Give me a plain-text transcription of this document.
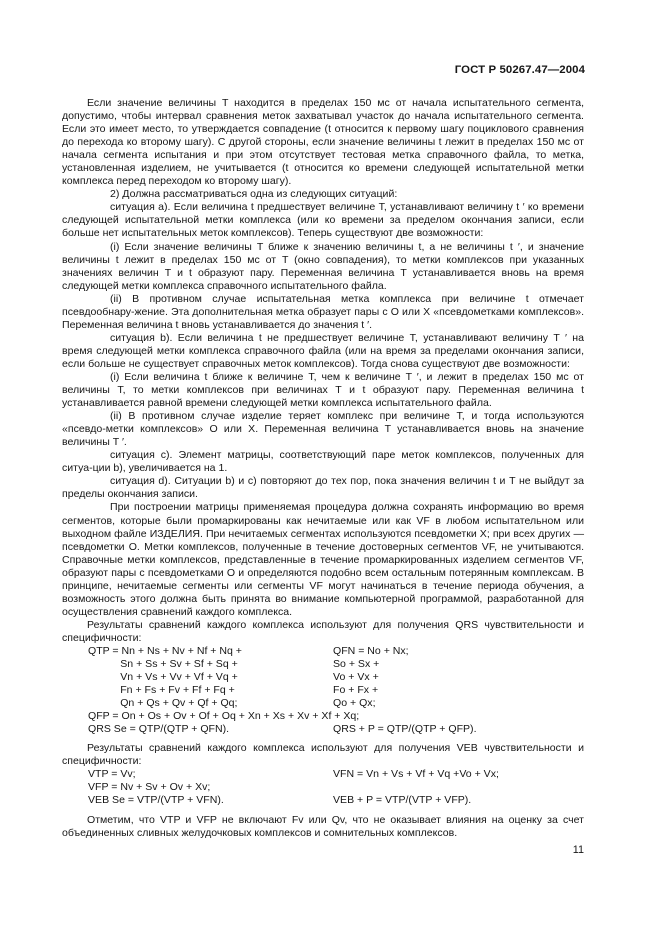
ГОСТ Р 50267.47—2004

Если значение величины T находится в пределах 150 мс от начала испытательного сегмента, допустимо, чтобы интервал сравнения меток захватывал участок до начала испытательного сегмента. Если это имеет место, то утверждается совпадение (t относится к первому шагу поциклового сравнения до перехода ко второму шагу). С другой стороны, если значение величины t лежит в пределах 150 мс от начала сегмента испытания и при этом отсутствует тестовая метка справочного файла, то метка, установленная изделием, не учитывается (t относится ко времени следующей испытательной метки комплекса перед переходом ко второму шагу).

2) Должна рассматриваться одна из следующих ситуаций:

ситуация а). Если величина t предшествует величине T, устанавливают величину t ′ ко времени следующей испытательной метки комплекса (или ко времени за пределом окончания записи, если больше нет испытательных меток комплексов). Теперь существуют две возможности:

(i) Если значение величины T ближе к значению величины t, а не величины t ′, и значение величины t лежит в пределах 150 мс от T (окно совпадения), то метки комплексов при указанных значениях величин T и t образуют пару. Переменная величина T устанавливается вновь на время следующей метки комплекса справочного испытательного файла.

(ii) В противном случае испытательная метка комплекса при величине t отмечает псевдообнару-жение. Эта дополнительная метка образует пары с О или Х «псевдометками комплексов». Переменная величина t вновь устанавливается до значения t ′.

ситуация b). Если величина t не предшествует величине T, устанавливают величину T ′ на время следующей метки комплекса справочного файла (или на время за пределами окончания записи, если больше не существует справочных меток комплексов). Тогда снова существуют две возможности:

(i) Если величина t ближе к величине T, чем к величине T ′, и лежит в пределах 150 мс от величины T, то метки комплексов при величинах T и t образуют пару. Переменная величина t устанавливается равной времени следующей метки комплекса испытательного файла.

(ii) В противном случае изделие теряет комплекс при величине T, и тогда используются «псевдо-метки комплексов» О или Х. Переменная величина T устанавливается вновь на значение величины T ′.

ситуация с). Элемент матрицы, соответствующий паре меток комплексов, полученных для ситуа-ции b), увеличивается на 1.

ситуация d). Ситуации b) и с) повторяют до тех пор, пока значения величин t и T не выйдут за пределы окончания записи.

При построении матрицы применяемая процедура должна сохранять информацию во время сегментов, которые были промаркированы как нечитаемые или как VF в любом испытательном или выходном файле ИЗДЕЛИЯ. При нечитаемых сегментах используются псевдометки Х; при всех других — псевдометки О. Метки комплексов, полученные в течение достоверных сегментов VF, не учитываются. Справочные метки комплексов, представленные в течение промаркированных изделием сегментов VF, образуют пары с псевдометками О и определяются подобно всем остальным потерянным комплексам. В принципе, нечитаемые сегменты или сегменты VF могут начинаться в течение периода обучения, а возможность этого должна быть принята во внимание компьютерной программой, разработанной для осуществления сравнений каждого комплекса.

Результаты сравнений каждого комплекса используют для получения QRS чувствительности и специфичности:

QTP = Nn + Ns + Nv + Nf + Nq +	QFN = No + Nx;
Sn + Ss + Sv + Sf + Sq +	So + Sx +
Vn + Vs + Vv + Vf + Vq +	Vo + Vx +
Fn + Fs + Fv + Ff + Fq +	Fo + Fx +
Qn + Qs + Qv + Qf + Qq;	Qo + Qx;
QFP = On + Os + Ov + Of + Oq + Xn + Xs + Xv + Xf + Xq;
QRS Se = QTP/(QTP + QFN).	QRS + P = QTP/(QTP + QFP).

Результаты сравнений каждого комплекса используют для получения VEB чувствительности и специфичности:

VTP = Vv;	VFN = Vn + Vs + Vf + Vq +Vo + Vx;
VFP = Nv + Sv + Ov + Xv;
VEB Se = VTP/(VTP + VFN).	VEB + P = VTP/(VTP + VFP).

Отметим, что VTP и VFP не включают Fv или Qv, что не оказывает влияния на оценку за счет объединенных сливных желудочковых комплексов и сомнительных комплексов.

11
